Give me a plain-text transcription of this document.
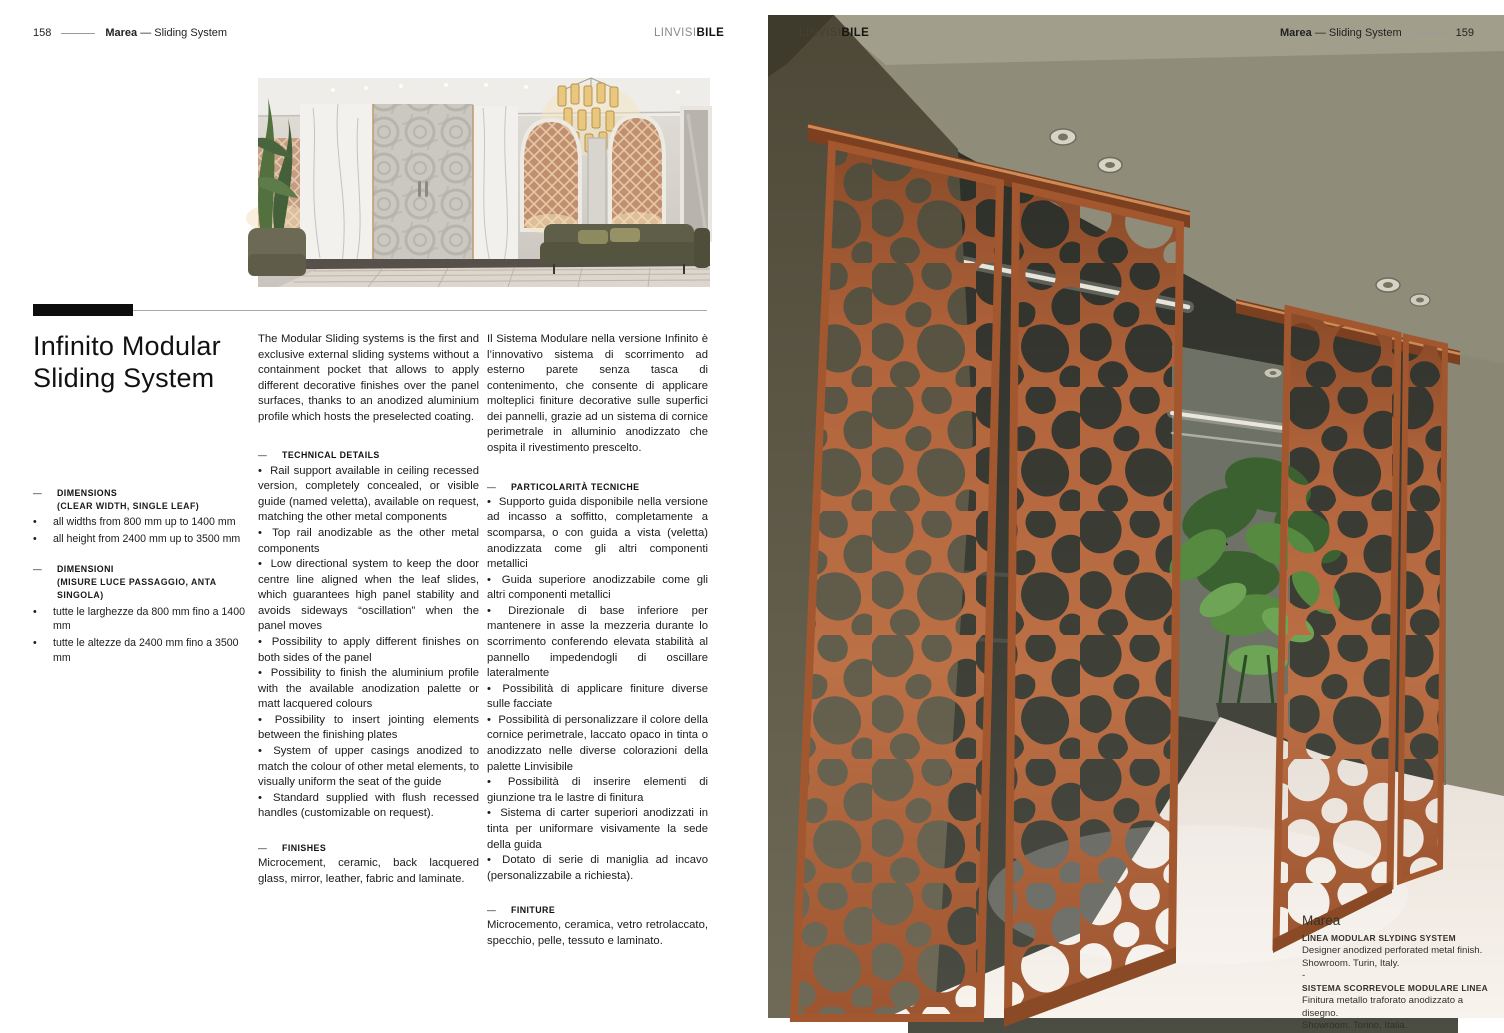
158	Marea — Sliding System	LINVISIBILE
Infinito Modular
Sliding System
—	DIMENSIONS
(CLEAR WIDTH, SINGLE LEAF)
•	all widths from 800 mm up to 1400 mm
•	all height from 2400 mm up to 3500 mm
—	DIMENSIONI
(MISURE LUCE PASSAGGIO, ANTA SINGOLA)
•	tutte le larghezze da 800 mm fino a 1400 mm
•	tutte le altezze da 2400 mm fino a 3500 mm

The Modular Sliding systems is the first and exclusive external sliding systems without a containment pocket that allows to apply different decorative finishes over the panel surfaces, thanks to an anodized aluminium profile which hosts the preselected coating.

—	TECHNICAL DETAILS
• Rail support available in ceiling recessed version, completely concealed, or visible guide (named veletta), available on request, matching the other metal components
• Top rail anodizable as the other metal components
• Low directional system to keep the door centre line aligned when the leaf slides, which guarantees high panel stability and avoids sideways “oscillation” when the panel moves
• Possibility to apply different finishes on both sides of the panel
• Possibility to finish the aluminium profile with the available anodization palette or matt lacquered colours
• Possibility to insert jointing elements between the finishing plates
• System of upper casings anodized to match the colour of other metal elements, to visually uniform the seat of the guide
• Standard supplied with flush recessed handles (customizable on request).
—	FINISHES
Microcement, ceramic, back lacquered glass, mirror, leather, fabric and laminate.

Il Sistema Modulare nella versione Infinito è l’innovativo sistema di scorrimento ad esterno parete senza tasca di contenimento, che consente di applicare molteplici finiture decorative sulle superfici dei pannelli, grazie ad un sistema di cornice perimetrale in alluminio anodizzato che ospita il rivestimento prescelto.

—	PARTICOLARITÀ TECNICHE
• Supporto guida disponibile nella versione ad incasso a soffitto, completamente a scomparsa, o con guida a vista (veletta) anodizzata come gli altri componenti metallici
• Guida superiore anodizzabile come gli altri componenti metallici
• Direzionale di base inferiore per mantenere in asse la mezzeria durante lo scorrimento conferendo elevata stabilità al pannello impedendogli di oscillare lateralmente
• Possibilità di applicare finiture diverse sulle facciate
• Possibilità di personalizzare il colore della cornice perimetrale, laccato opaco in tinta o anodizzato nelle diverse colorazioni della palette Linvisibile
• Possibilità di inserire elementi di giunzione tra le lastre di finitura
• Sistema di carter superiori anodizzati in tinta per uniformare visivamente la sede della guida
• Dotato di serie di maniglia ad incavo (personalizzabile a richiesta).
—	FINITURE
Microcemento, ceramica, vetro retrolaccato, specchio, pelle, tessuto e laminato.
LINVISIBILE
Marea
LINEA MODULAR SLYDING SYSTEM
Designer anodized perforated metal finish.
Showroom. Turin, Italy.
-
SISTEMA SCORREVOLE MODULARE LINEA
Finitura metallo traforato anodizzato a disegno.
Showroom. Torino, Italia.
Marea — Sliding System	159
